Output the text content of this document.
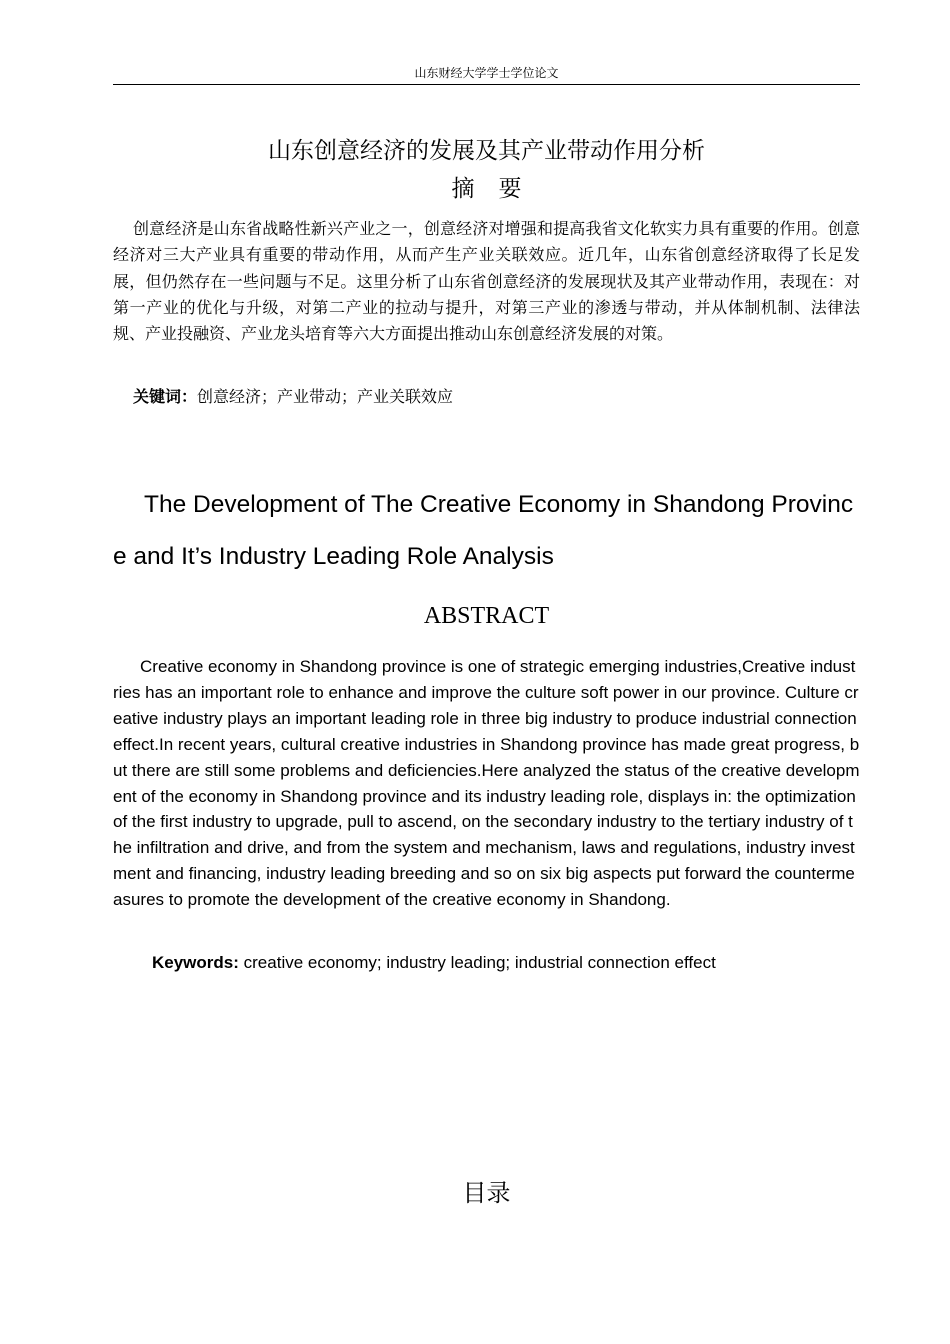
山东财经大学学士学位论文
山东创意经济的发展及其产业带动作用分析
摘要

创意经济是山东省战略性新兴产业之一，创意经济对增强和提高我省文化软实力具有重要的作用。创意经济对三大产业具有重要的带动作用，从而产生产业关联效应。近几年，山东省创意经济取得了长足发展，但仍然存在一些问题与不足。这里分析了山东省创意经济的发展现状及其产业带动作用，表现在：对第一产业的优化与升级，对第二产业的拉动与提升，对第三产业的渗透与带动，并从体制机制、法律法规、产业投融资、产业龙头培育等六大方面提出推动山东创意经济发展的对策。

关键词：创意经济；产业带动；产业关联效应

The Development of The Creative Economy in Shandong Province and It’s Industry Leading Role Analysis

ABSTRACT

Creative economy in Shandong province is one of strategic emerging industries,Creative industries has an important role to enhance and improve the culture soft power in our province. Culture creative industry plays an important leading role in three big industry to produce industrial connection effect.In recent years, cultural creative industries in Shandong province has made great progress, but there are still some problems and deficiencies.Here analyzed the status of the creative development of the economy in Shandong province and its industry leading role, displays in: the optimization of the first industry to upgrade, pull to ascend, on the secondary industry to the tertiary industry of the infiltration and drive, and from the system and mechanism, laws and regulations, industry investment and financing, industry leading breeding and so on six big aspects put forward the countermeasures to promote the development of the creative economy in Shandong.

Keywords: creative economy; industry leading; industrial connection effect
目录
